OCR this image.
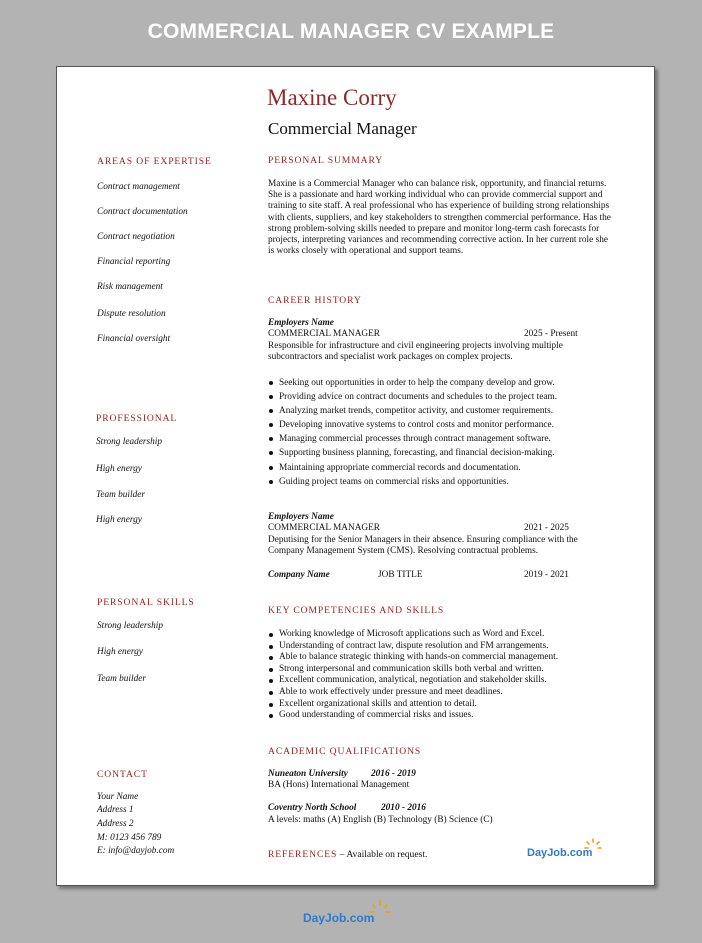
COMMERCIAL MANAGER CV EXAMPLE
Maxine Corry
Commercial Manager
AREAS OF EXPERTISE
Contract management
Contract documentation
Contract negotiation
Financial reporting
Risk management
Dispute resolution
Financial oversight
PROFESSIONAL
Strong leadership
High energy
Team builder
High energy
PERSONAL SKILLS
Strong leadership
High energy
Team builder
CONTACT
Your Name
Address 1
Address 2
M: 0123 456 789
E: info@dayjob.com
PERSONAL SUMMARY
Maxine is a Commercial Manager who can balance risk, opportunity, and financial returns. She is a passionate and hard working individual who can provide commercial support and training to site staff. A real professional who has experience of building strong relationships with clients, suppliers, and key stakeholders to strengthen commercial performance. Has the strong problem-solving skills needed to prepare and monitor long-term cash forecasts for projects, interpreting variances and recommending corrective action. In her current role she is works closely with operational and support teams.
CAREER HISTORY
Employers Name
COMMERCIAL MANAGER	2025 - Present
Responsible for infrastructure and civil engineering projects involving multiple subcontractors and specialist work packages on complex projects.
Seeking out opportunities in order to help the company develop and grow.
Providing advice on contract documents and schedules to the project team.
Analyzing market trends, competitor activity, and customer requirements.
Developing innovative systems to control costs and monitor performance.
Managing commercial processes through contract management software.
Supporting business planning, forecasting, and financial decision-making.
Maintaining appropriate commercial records and documentation.
Guiding project teams on commercial risks and opportunities.
Employers Name
COMMERCIAL MANAGER	2021 - 2025
Deputising for the Senior Managers in their absence. Ensuring compliance with the Company Management System (CMS). Resolving contractual problems.
Company Name	JOB TITLE	2019 - 2021
KEY COMPETENCIES AND SKILLS
Working knowledge of Microsoft applications such as Word and Excel.
Understanding of contract law, dispute resolution and FM arrangements.
Able to balance strategic thinking with hands-on commercial management.
Strong interpersonal and communication skills both verbal and written.
Excellent communication, analytical, negotiation and stakeholder skills.
Able to work effectively under pressure and meet deadlines.
Excellent organizational skills and attention to detail.
Good understanding of commercial risks and issues.
ACADEMIC QUALIFICATIONS
Nuneaton University 2016 - 2019
BA (Hons) International Management
Coventry North School	2010 - 2016
A levels: maths (A) English (B) Technology (B) Science (C)
REFERENCES – Available on request.	DayJob.com
DayJob.com
